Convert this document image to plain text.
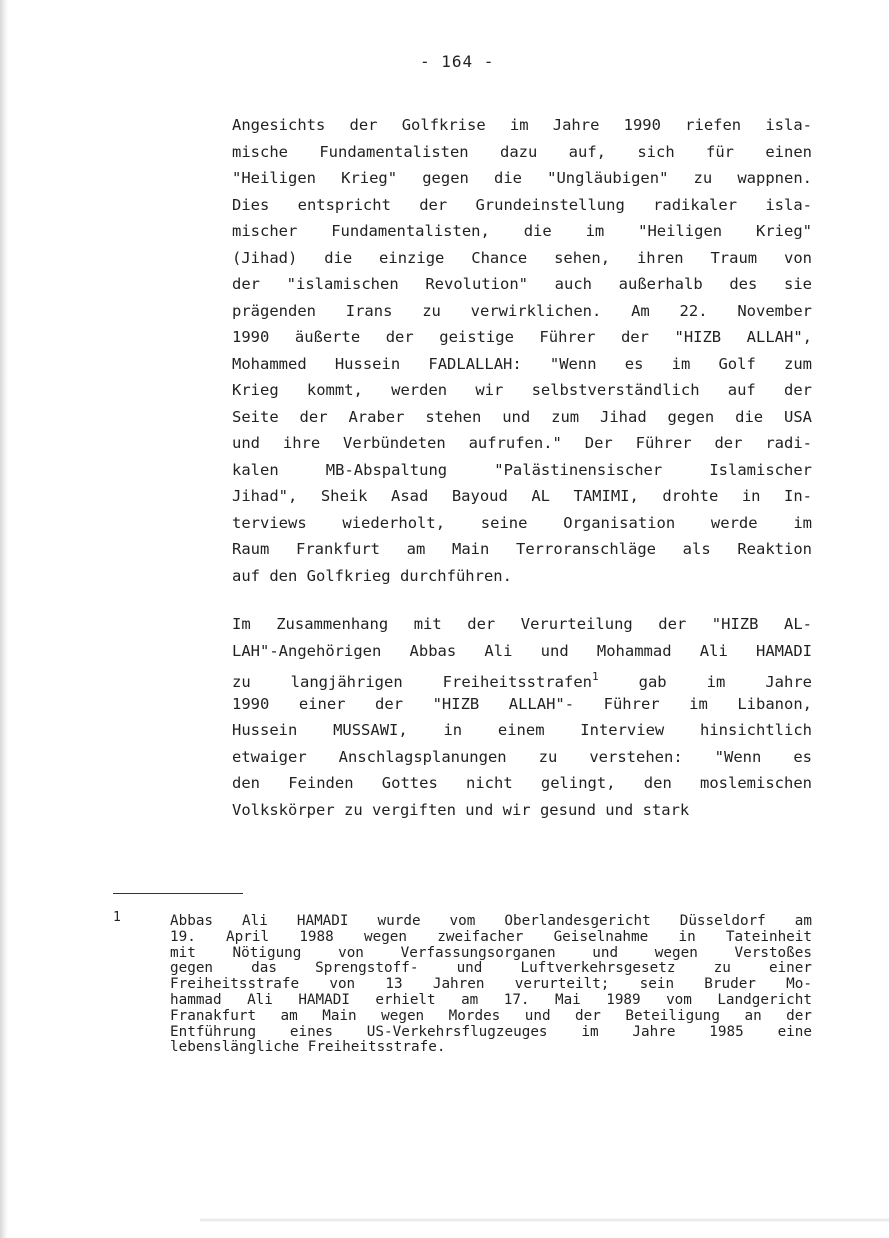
- 164 -
Angesichts der Golfkrise im Jahre 1990 riefen isla-
mische Fundamentalisten dazu auf, sich für einen
"Heiligen Krieg" gegen die "Ungläubigen" zu wappnen.
Dies entspricht der Grundeinstellung radikaler isla-
mischer Fundamentalisten, die im "Heiligen Krieg"
(Jihad) die einzige Chance sehen, ihren Traum von
der "islamischen Revolution" auch außerhalb des sie
prägenden Irans zu verwirklichen. Am 22. November
1990 äußerte der geistige Führer der "HIZB ALLAH",
Mohammed Hussein FADLALLAH: "Wenn es im Golf zum
Krieg kommt, werden wir selbstverständlich auf der
Seite der Araber stehen und zum Jihad gegen die USA
und ihre Verbündeten aufrufen." Der Führer der radi-
kalen MB-Abspaltung "Palästinensischer Islamischer
Jihad", Sheik Asad Bayoud AL TAMIMI, drohte in In-
terviews wiederholt, seine Organisation werde im
Raum Frankfurt am Main Terroranschläge als Reaktion
auf den Golfkrieg durchführen.
Im Zusammenhang mit der Verurteilung der "HIZB AL-
LAH"-Angehörigen Abbas Ali und Mohammad Ali HAMADI
zu langjährigen Freiheitsstrafen$^1$ gab im Jahre
1990 einer der "HIZB ALLAH"- Führer im Libanon,
Hussein MUSSAWI, in einem Interview hinsichtlich
etwaiger Anschlagsplanungen zu verstehen: "Wenn es
den Feinden Gottes nicht gelingt, den moslemischen
Volkskörper zu vergiften und wir gesund und stark
1	Abbas Ali HAMADI wurde vom Oberlandesgericht Düsseldorf am
19. April 1988 wegen zweifacher Geiselnahme in Tateinheit
mit Nötigung von Verfassungsorganen und wegen Verstoßes
gegen das Sprengstoff- und Luftverkehrsgesetz zu einer
Freiheitsstrafe von 13 Jahren verurteilt; sein Bruder Mo-
hammad Ali HAMADI erhielt am 17. Mai 1989 vom Landgericht
Franakfurt am Main wegen Mordes und der Beteiligung an der
Entführung eines US-Verkehrsflugzeuges im Jahre 1985 eine
lebenslängliche Freiheitsstrafe.
